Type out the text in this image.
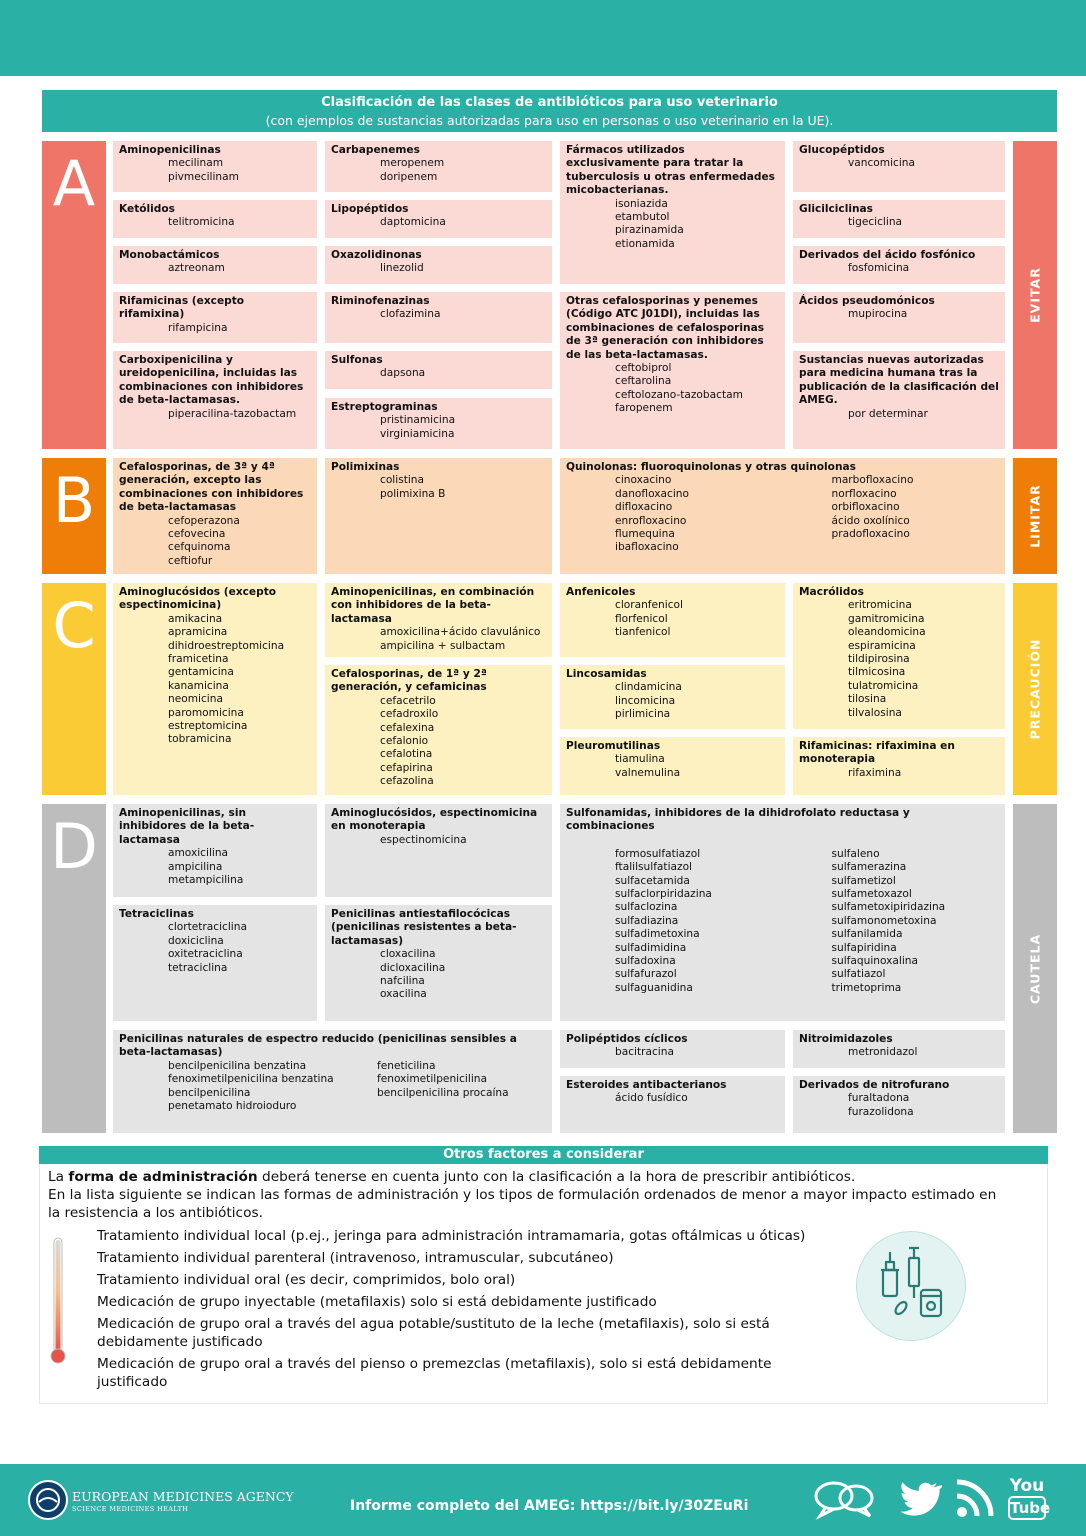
Clasificación de las clases de antibióticos para uso veterinario
(con ejemplos de sustancias autorizadas para uso en personas o uso veterinario en la UE).
A
B
C
D
EVITAR
LIMITAR
PRECAUCIÓN
CAUTELA
Aminopenicilinas
mecilinam
pivmecilinam
Ketólidos
telitromicina
Monobactámicos
aztreonam
Rifamicinas (excepto rifamixina)
rifampicina
Carboxipenicilina y ureidopenicilina, incluidas las combinaciones con inhibidores de beta-lactamasas.
piperacilina-tazobactam
Carbapenemes
meropenem
doripenem
Lipopéptidos
daptomicina
Oxazolidinonas
linezolid
Riminofenazinas
clofazimina
Sulfonas
dapsona
Estreptograminas
pristinamicina
virginiamicina
Fármacos utilizados exclusivamente para tratar la tuberculosis u otras enfermedades micobacterianas.
isoniazida
etambutol
pirazinamida
etionamida
Otras cefalosporinas y penemes (Código ATC J01DI), incluidas las combinaciones de cefalosporinas de 3ª generación con inhibidores de las beta-lactamasas.
ceftobiprol
ceftarolina
ceftolozano-tazobactam
faropenem
Glucopéptidos
vancomicina
Glicilciclinas
tigeciclina
Derivados del ácido fosfónico
fosfomicina
Ácidos pseudomónicos
mupirocina
Sustancias nuevas autorizadas para medicina humana tras la publicación de la clasificación del AMEG.
por determinar
Cefalosporinas, de 3ª y 4ª generación, excepto las combinaciones con inhibidores de beta-lactamasas
cefoperazona
cefovecina
cefquinoma
ceftiofur
Polimixinas
colistina
polimixina B
Quinolonas: fluoroquinolonas y otras quinolonas
cinoxacino
danofloxacino
difloxacino
enrofloxacino
flumequina
ibafloxacino
marbofloxacino
norfloxacino
orbifloxacino
ácido oxolínico
pradofloxacino
Aminoglucósidos (excepto espectinomicina)
amikacina
apramicina
dihidroestreptomicina
framicetina
gentamicina
kanamicina
neomicina
paromomicina
estreptomicina
tobramicina
Aminopenicilinas, en combinación con inhibidores de la beta-lactamasa
amoxicilina+ácido clavulánico
ampicilina + sulbactam
Cefalosporinas, de 1ª y 2ª generación, y cefamicinas
cefacetrilo
cefadroxilo
cefalexina
cefalonio
cefalotina
cefapirina
cefazolina
Anfenicoles
cloranfenicol
florfenicol
tianfenicol
Lincosamidas
clindamicina
lincomicina
pirlimicina
Pleuromutilinas
tiamulina
valnemulina
Macrólidos
eritromicina
gamitromicina
oleandomicina
espiramicina
tildipirosina
tilmicosina
tulatromicina
tilosina
tilvalosina
Rifamicinas: rifaximina en monoterapia
rifaximina
Aminopenicilinas, sin inhibidores de la beta-lactamasa
amoxicilina
ampicilina
metampicilina
Tetraciclinas
clortetraciclina
doxiciclina
oxitetraciclina
tetraciclina
Aminoglucósidos, espectinomicina en monoterapia
espectinomicina
Penicilinas antiestafilocócicas (penicilinas resistentes a beta-lactamasas)
cloxacilina
dicloxacilina
nafcilina
oxacilina
Sulfonamidas, inhibidores de la dihidrofolato reductasa y combinaciones
formosulfatiazol
ftalilsulfatiazol
sulfacetamida
sulfaclorpiridazina
sulfaclozina
sulfadiazina
sulfadimetoxina
sulfadimidina
sulfadoxina
sulfafurazol
sulfaguanidina
sulfaleno
sulfamerazina
sulfametizol
sulfametoxazol
sulfametoxipiridazina
sulfamonometoxina
sulfanilamida
sulfapiridina
sulfaquinoxalina
sulfatiazol
trimetoprima
Penicilinas naturales de espectro reducido (penicilinas sensibles a beta-lactamasas)
bencilpenicilina benzatina
fenoximetilpenicilina benzatina
bencilpenicilina
penetamato hidroioduro
feneticilina
fenoximetilpenicilina
bencilpenicilina procaína
Polipéptidos cíclicos
bacitracina
Esteroides antibacterianos
ácido fusídico
Nitroimidazoles
metronidazol
Derivados de nitrofurano
furaltadona
furazolidona
Otros factores a considerar
La forma de administración deberá tenerse en cuenta junto con la clasificación a la hora de prescribir antibióticos.
En la lista siguiente se indican las formas de administración y los tipos de formulación ordenados de menor a mayor impacto estimado en la resistencia a los antibióticos.
Tratamiento individual local (p.ej., jeringa para administración intramamaria, gotas oftálmicas u óticas)
Tratamiento individual parenteral (intravenoso, intramuscular, subcutáneo)
Tratamiento individual oral (es decir, comprimidos, bolo oral)
Medicación de grupo inyectable (metafilaxis) solo si está debidamente justificado
Medicación de grupo oral a través del agua potable/sustituto de la leche (metafilaxis), solo si está debidamente justificado
Medicación de grupo oral a través del pienso o premezclas (metafilaxis), solo si está debidamente justificado
EUROPEAN MEDICINES AGENCY
SCIENCE MEDICINES HEALTH	Informe completo del AMEG: https://bit.ly/30ZEuRi
You
Tube
